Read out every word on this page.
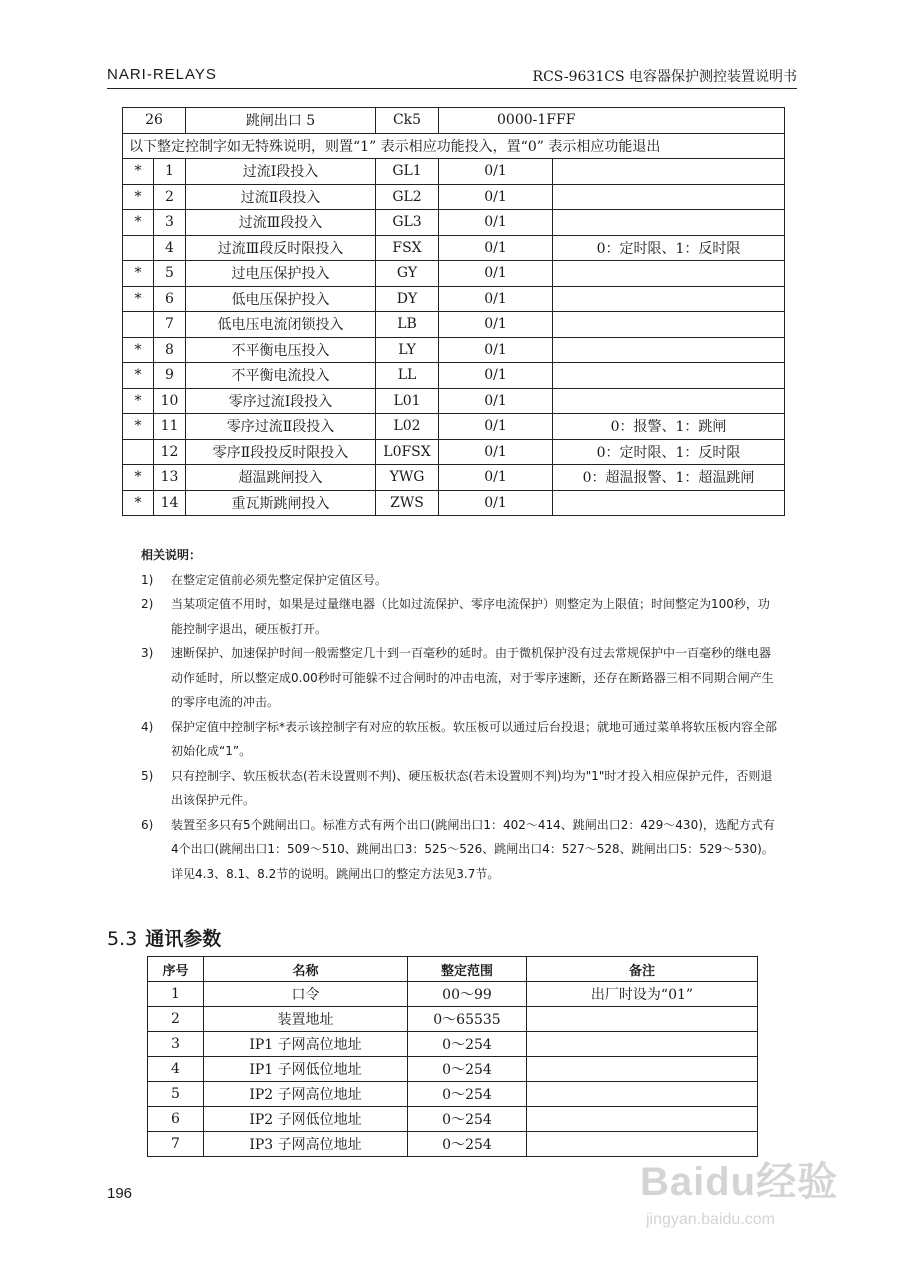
NARI-RELAYS	RCS-9631CS 电容器保护测控装置说明书
26		跳闸出口 5	Ck5	0000-1FFF	
以下整定控制字如无特殊说明，则置“1” 表示相应功能投入，置“0” 表示相应功能退出					
*	1	过流Ⅰ段投入	GL1	0/1	
*	2	过流Ⅱ段投入	GL2	0/1	
*	3	过流Ⅲ段投入	GL3	0/1	
	4	过流Ⅲ段反时限投入	FSX	0/1	0：定时限、1：反时限
*	5	过电压保护投入	GY	0/1	
*	6	低电压保护投入	DY	0/1	
	7	低电压电流闭锁投入	LB	0/1	
*	8	不平衡电压投入	LY	0/1	
*	9	不平衡电流投入	LL	0/1	
*	10	零序过流Ⅰ段投入	L01	0/1	
*	11	零序过流Ⅱ段投入	L02	0/1	0：报警、1：跳闸
	12	零序Ⅱ段投反时限投入	L0FSX	0/1	0：定时限、1：反时限
*	13	超温跳闸投入	YWG	0/1	0：超温报警、1：超温跳闸
*	14	重瓦斯跳闸投入	ZWS	0/1	
相关说明：
1) 在整定定值前必须先整定保护定值区号。
2) 当某项定值不用时，如果是过量继电器（比如过流保护、零序电流保护）则整定为上限值；时间整定为100秒，功能控制字退出，硬压板打开。
3) 速断保护、加速保护时间一般需整定几十到一百毫秒的延时。由于微机保护没有过去常规保护中一百毫秒的继电器动作延时，所以整定成0.00秒时可能躲不过合闸时的冲击电流，对于零序速断，还存在断路器三相不同期合闸产生的零序电流的冲击。
4) 保护定值中控制字标*表示该控制字有对应的软压板。软压板可以通过后台投退；就地可通过菜单将软压板内容全部初始化成“1”。
5) 只有控制字、软压板状态(若未设置则不判)、硬压板状态(若未设置则不判)均为"1"时才投入相应保护元件，否则退出该保护元件。
6) 装置至多只有5个跳闸出口。标准方式有两个出口(跳闸出口1：402～414、跳闸出口2：429～430)，选配方式有4个出口(跳闸出口1：509～510、跳闸出口3：525～526、跳闸出口4：527～528、跳闸出口5：529～530)。详见4.3、8.1、8.2节的说明。跳闸出口的整定方法见3.7节。
5.3 通讯参数
序号	名称	整定范围	备注
1	口令	00～99	出厂时设为“01”
2	装置地址	0～65535	
3	IP1 子网高位地址	0～254	
4	IP1 子网低位地址	0～254	
5	IP2 子网高位地址	0～254	
6	IP2 子网低位地址	0～254	
7	IP3 子网高位地址	0～254	
196	Baidu经验
jingyan.baidu.com
